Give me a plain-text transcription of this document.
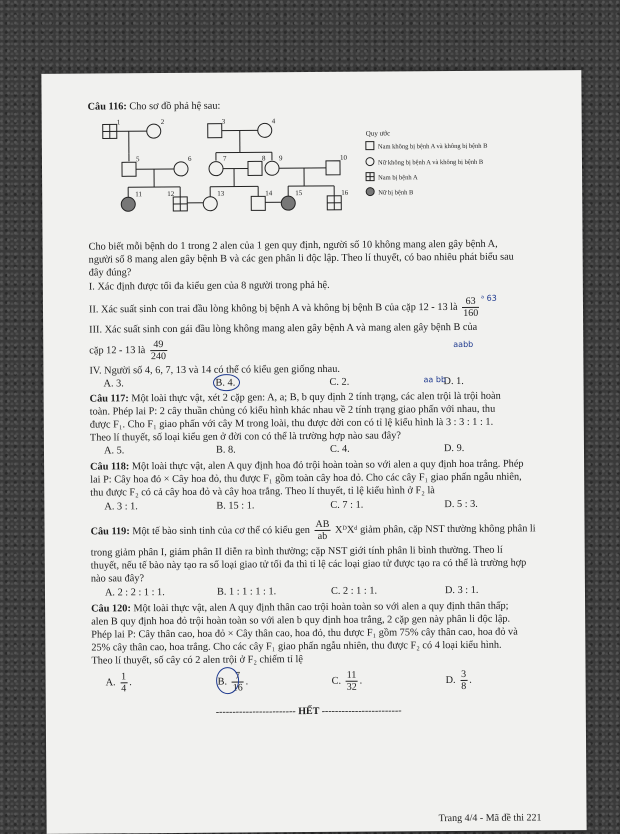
Câu 116: Cho sơ đồ phả hệ sau:
1	2	3	4
5	6	7	8 9	10
11	12	13	14	15	16
Quy ước
Nam không bị bệnh A và không bị bệnh B
Nữ không bị bệnh A và không bị bệnh B
Nam bị bệnh A
Nữ bị bệnh B
Cho biết mỗi bệnh do 1 trong 2 alen của 1 gen quy định, người số 10 không mang alen gây bệnh A,
người số 8 mang alen gây bệnh B và các gen phân li độc lập. Theo lí thuyết, có bao nhiêu phát biểu sau
đây đúng?
I. Xác định được tối đa kiểu gen của 8 người trong phả hệ.
II. Xác suất sinh con trai đầu lòng không bị bệnh A và không bị bệnh B của cặp 12 - 13 là $\frac{63}{160}$
III. Xác suất sinh con gái đầu lòng không mang alen gây bệnh A và mang alen gây bệnh B của
cặp 12 - 13 là $\frac{49}{240}$
IV. Người số 4, 6, 7, 13 và 14 có thể có kiểu gen giống nhau.
A. 3.	B. 4.	C. 2.	D. 1.
Câu 117: Một loài thực vật, xét 2 cặp gen: A, a; B, b quy định 2 tính trạng, các alen trội là trội hoàn
toàn. Phép lai P: 2 cây thuần chủng có kiểu hình khác nhau về 2 tính trạng giao phấn với nhau, thu
được F₁. Cho F₁ giao phấn với cây M trong loài, thu được đời con có tỉ lệ kiểu hình là 3 : 3 : 1 : 1.
Theo lí thuyết, số loại kiểu gen ở đời con có thể là trường hợp nào sau đây?
A. 5.	B. 8.	C. 4.	D. 9.
Câu 118: Một loài thực vật, alen A quy định hoa đỏ trội hoàn toàn so với alen a quy định hoa trắng. Phép
lai P: Cây hoa đỏ × Cây hoa đỏ, thu được F₁ gồm toàn cây hoa đỏ. Cho các cây F₁ giao phấn ngẫu nhiên,
thu được F₂ có cả cây hoa đỏ và cây hoa trắng. Theo lí thuyết, tỉ lệ kiểu hình ở F₂ là
A. 3 : 1.	B. 15 : 1.	C. 7 : 1.	D. 5 : 3.
Câu 119: Một tế bào sinh tinh của cơ thể có kiểu gen $\frac{AB}{ab}$ XᴰXᵈ giảm phân, cặp NST thường không phân li
trong giảm phân I, giảm phân II diễn ra bình thường; cặp NST giới tính phân li bình thường. Theo lí
thuyết, nếu tế bào này tạo ra số loại giao tử tối đa thì tỉ lệ các loại giao tử được tạo ra có thể là trường hợp
nào sau đây?
A. 2 : 2 : 1 : 1.	B. 1 : 1 : 1 : 1.	C. 2 : 1 : 1.	D. 3 : 1.
Câu 120: Một loài thực vật, alen A quy định thân cao trội hoàn toàn so với alen a quy định thân thấp;
alen B quy định hoa đỏ trội hoàn toàn so với alen b quy định hoa trắng, 2 cặp gen này phân li độc lập.
Phép lai P: Cây thân cao, hoa đỏ × Cây thân cao, hoa đỏ, thu được F₁ gồm 75% cây thân cao, hoa đỏ và
25% cây thân cao, hoa trắng. Cho các cây F₁ giao phấn ngẫu nhiên, thu được F₂ có 4 loại kiểu hình.
Theo lí thuyết, số cây có 2 alen trội ở F₂ chiếm tỉ lệ
A. $\frac{1}{4}$ .	B. $\frac{7}{16}$ .	C. $\frac{11}{32}$ .	D. $\frac{3}{8}$ .
------------------------ HẾT ------------------------
ᵃ 63
aabb
aa bb
Trang 4/4 - Mã đề thi 221
